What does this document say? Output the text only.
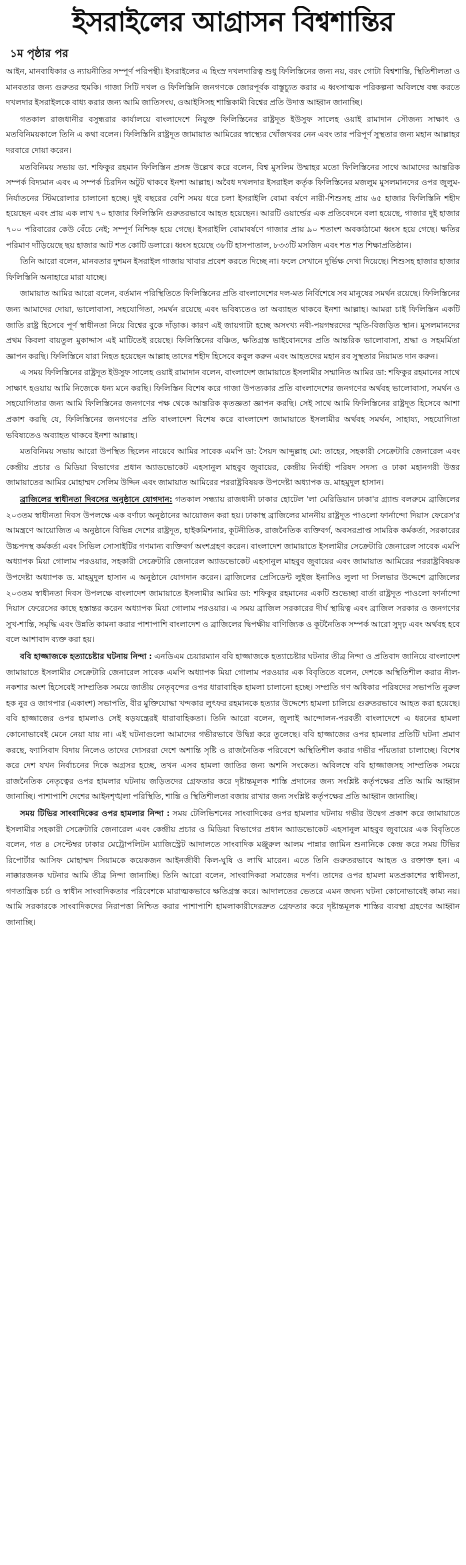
ইসরাইলের আগ্রাসন বিশ্বশান্তির
১ম পৃষ্ঠার পর

আইন, মানবাধিকার ও ন্যায়নীতির সম্পূর্ণ পরিপন্থী। ইসরাইলের এ হিংস্র দখলদারিত্ব শুধু ফিলিস্তিনের জন্য নয়, বরং গোটা বিশ্বশান্তি, স্থিতিশীলতা ও মানবতার জন্য গুরুতর হুমকি। গাজা সিটি দখল ও ফিলিস্তিনি জনগণকে জোরপূর্বক বাস্তুচ্যুত করার এ ধ্বংসাত্মক পরিকল্পনা অবিলম্বে বন্ধ করতে দখলদার ইসরাইলকে বাধ্য করার জন্য আমি জাতিসংঘ, ওআইসিসহ শান্তিকামী বিশ্বের প্রতি উদাত্ত আহ্বান জানাচ্ছি।

গতকাল রাজধানীর বসুন্ধরার কার্যালয়ে বাংলাদেশে নিযুক্ত ফিলিস্তিনের রাষ্ট্রদূত ইউসুফ সালেহ ওয়াই রামাদান সৌজন্য সাক্ষাৎ ও মতবিনিময়কালে তিনি এ কথা বলেন। ফিলিস্তিনি রাষ্ট্রদূত জামায়াত আমিরের স্বাস্থ্যের খোঁজখবর নেন এবং তার পরিপূর্ণ সুস্থতার জন্য মহান আল্লাহর দরবারে দোয়া করেন।

মতবিনিময় সভায় ডা. শফিকুর রহমান ফিলিস্তিন প্রসঙ্গ উল্লেখ করে বলেন, বিশ্ব মুসলিম উম্মাহর মতো ফিলিস্তিনের সাথে আমাদের আন্তরিক সম্পর্ক বিদ্যমান এবং এ সম্পর্ক চিরদিন অটুট থাকবে ইনশা আল্লাহ। অবৈধ দখলদার ইসরাইল কর্তৃক ফিলিস্তিনের মজলুম মুসলমানদের ওপর জুলুম-নির্যাতনের স্টিমরোলার চালানো হচ্ছে। দুই বছরের বেশি সময় ধরে চলা ইসরাইলি বোমা বর্ষণে নারী-শিশুসহ প্রায় ৬৫ হাজার ফিলিস্তিনি শহীদ হয়েছেন এবং প্রায় এক লাখ ৭০ হাজার ফিলিস্তিনি গুরুতরভাবে আহত হয়েছেন। আরটি ওয়ার্ল্ডের এক প্রতিবেদনে বলা হয়েছে, গাজার দুই হাজার ৭০০ পরিবারের কেউ বেঁচে নেই; সম্পূর্ণ নিশ্চিহ্ন হয়ে গেছে। ইসরাইলি বোমাবর্ষণে গাজার প্রায় ৯০ শতাংশ অবকাঠামো ধ্বংস হয়ে গেছে। ক্ষতির পরিমাণ দাঁড়িয়েছে ছয় হাজার আট শত কোটি ডলারে। ধ্বংস হয়েছে ৩৮টি হাসপাতাল, ৮৩৩টি মসজিদ এবং শত শত শিক্ষাপ্রতিষ্ঠান।

তিনি আরো বলেন, মানবতার দুশমন ইসরাইল গাজায় খাবার প্রবেশ করতে দিচ্ছে না। ফলে সেখানে দুর্ভিক্ষ দেখা দিয়েছে। শিশুসহ হাজার হাজার ফিলিস্তিনি অনাহারে মারা যাচ্ছে।

জামায়াত আমির আরো বলেন, বর্তমান পরিস্থিতিতে ফিলিস্তিনের প্রতি বাংলাদেশের দল-মত নির্বিশেষে সব মানুষের সমর্থন রয়েছে। ফিলিস্তিনের জন্য আমাদের দোয়া, ভালোবাসা, সহযোগিতা, সমর্থন রয়েছে এবং ভবিষ্যতেও তা অব্যাহত থাকবে ইনশা আল্লাহ। আমরা চাই ফিলিস্তিন একটি জাতি রাষ্ট্র হিসেবে পূর্ণ স্বাধীনতা নিয়ে বিশ্বের বুকে দাঁড়াক। কারণ এই জায়গাটা হচ্ছে অসংখ্য নবী-পয়গম্বরদের স্মৃতি-বিজড়িত স্থান। মুসলমানদের প্রথম কিবলা বায়তুল মুকাদ্দাস এই মাটিতেই রয়েছে। ফিলিস্তিনের বঞ্চিত, ক্ষতিগ্রস্ত ভাইবোনদের প্রতি আন্তরিক ভালোবাসা, শ্রদ্ধা ও সহমর্মিতা জ্ঞাপন করছি। ফিলিস্তিনে যারা নিহত হয়েছেন আল্লাহ তাদের শহীদ হিসেবে কবুল করুন এবং আহতদের মহান রব সুস্থতার নিয়ামত দান করুন।

এ সময় ফিলিস্তিনের রাষ্ট্রদূত ইউসুফ সালেহ ওয়াই রামাদান বলেন, বাংলাদেশ জামায়াতে ইসলামীর সম্মানিত আমির ডা: শফিকুর রহমানের সাথে সাক্ষাৎ হওয়ায় আমি নিজেকে ধন্য মনে করছি। ফিলিস্তিন বিশেষ করে গাজা উপত্যকার প্রতি বাংলাদেশের জনগণের অর্থবহ ভালোবাসা, সমর্থন ও সহযোগিতার জন্য আমি ফিলিস্তিনের জনগণের পক্ষ থেকে আন্তরিক কৃতজ্ঞতা জ্ঞাপন করছি। সেই সাথে আমি ফিলিস্তিনের রাষ্ট্রদূত হিসেবে আশা প্রকাশ করছি যে, ফিলিস্তিনের জনগণের প্রতি বাংলাদেশ বিশেষ করে বাংলাদেশ জামায়াতে ইসলামীর অর্থবহ সমর্থন, সাহায্য, সহযোগিতা ভবিষ্যতেও অব্যাহত থাকবে ইনশা আল্লাহ।

মতবিনিময় সভায় আরো উপস্থিত ছিলেন নায়েবে আমির সাবেক এমপি ডা: সৈয়দ আব্দুল্লাহ মো: তাহের, সহকারী সেক্রেটারি জেনারেল এবং কেন্দ্রীয় প্রচার ও মিডিয়া বিভাগের প্রধান অ্যাডভোকেট এহসানুল মাহবুব জুবায়ের, কেন্দ্রীয় নির্বাহী পরিষদ সদস্য ও ঢাকা মহানগরী উত্তর জামায়াতের আমির মোহাম্মদ সেলিম উদ্দিন এবং জামায়াত আমিরের পররাষ্ট্রবিষয়ক উপদেষ্টা অধ্যাপক ড. মাহমুদুল হাসান।

ব্রাজিলের স্বাধীনতা দিবসের অনুষ্ঠানে যোগদান: গতকাল সন্ধ্যায় রাজধানী ঢাকার হোটেল 'লা মেরিডিয়ান ঢাকা'র গ্র্যান্ড বলরুমে ব্রাজিলের ২০৩তম স্বাধীনতা দিবস উপলক্ষে এক বর্ণাঢ্য অনুষ্ঠানের আয়োজন করা হয়। ঢাকাস্থ ব্রাজিলের মাননীয় রাষ্ট্রদূত পাওলো ফার্নান্দো দিয়াস ফেরেস'র আমন্ত্রণে আয়োজিত এ অনুষ্ঠানে বিভিন্ন দেশের রাষ্ট্রদূত, হাইকমিশনার, কূটনীতিক, রাজনৈতিক ব্যক্তিবর্গ, অবসরপ্রাপ্ত সামরিক কর্মকর্তা, সরকারের উচ্চপদস্থ কর্মকর্তা এবং সিভিল সোসাইটির গণমান্য ব্যক্তিবর্গ অংশগ্রহণ করেন। বাংলাদেশ জামায়াতে ইসলামীর সেক্রেটারি জেনারেল সাবেক এমপি অধ্যাপক মিয়া গোলাম পরওয়ার, সহকারী সেক্রেটারি জেনারেল অ্যাডভোকেট এহসানুল মাহবুব জুবায়ের এবং জামায়াত আমিরের পররাষ্ট্রবিষয়ক উপদেষ্টা অধ্যাপক ড. মাহমুদুল হাসান এ অনুষ্ঠানে যোগদান করেন। ব্রাজিলের প্রেসিডেন্ট লুইজ ইনাসিও লুলা দা সিলভার উদ্দেশে ব্রাজিলের ২০৩তম স্বাধীনতা দিবস উপলক্ষে বাংলাদেশ জামায়াতে ইসলামীর আমির ডা: শফিকুর রহমানের একটি শুভেচ্ছা বার্তা রাষ্ট্রদূত পাওলো ফার্নান্দো দিয়াস ফেরেসের কাছে হস্তান্তর করেন অধ্যাপক মিয়া গোলাম পরওয়ার। এ সময় ব্রাজিল সরকারের দীর্ঘ স্থায়িত্ব এবং ব্রাজিল সরকার ও জনগণের সুখ-শান্তি, সমৃদ্ধি এবং উন্নতি কামনা করার পাশাপাশি বাংলাদেশ ও ব্রাজিলের দ্বিপক্ষীয় বাণিজ্যিক ও কূটনৈতিক সম্পর্ক আরো সুদৃঢ় এবং অর্থবহ হবে বলে আশাবাদ ব্যক্ত করা হয়।

ববি হাজ্জাজকে হত্যাচেষ্টার ঘটনায় নিন্দা : এনডিএম চেয়ারম্যান ববি হাজ্জাজকে হত্যাচেষ্টার ঘটনার তীব্র নিন্দা ও প্রতিবাদ জানিয়ে বাংলাদেশ জামায়াতে ইসলামীর সেক্রেটারি জেনারেল সাবেক এমপি অধ্যাপক মিয়া গোলাম পরওয়ার এক বিবৃতিতে বলেন, দেশকে অস্থিতিশীল করার নীল-নকশার অংশ হিসেবেই সাম্প্রতিক সময়ে জাতীয় নেতৃবৃন্দের ওপর ধারাবাহিক হামলা চালানো হচ্ছে। সম্প্রতি গণ অধিকার পরিষদের সভাপতি নুরুল হক নুর ও জাগপার (একাংশ) সভাপতি, বীর মুক্তিযোদ্ধা খন্দকার লুৎফর রহমানকে হত্যার উদ্দেশ্যে হামলা চালিয়ে গুরুতরভাবে আহত করা হয়েছে। ববি হাজ্জাজের ওপর হামলাও সেই ষড়যন্ত্রেরই ধারাবাহিকতা। তিনি আরো বলেন, জুলাই আন্দোলন-পরবর্তী বাংলাদেশে এ ধরনের হামলা কোনোভাবেই মেনে নেয়া যায় না। এই ঘটনাগুলো আমাদের গভীরভাবে উদ্বিগ্ন করে তুলেছে। ববি হাজ্জাজের ওপর হামলার প্রতিটি ঘটনা প্রমাণ করছে, ফ্যাসিবাদ বিদায় নিলেও তাদের দোসররা দেশে অশান্তি সৃষ্টি ও রাজনৈতিক পরিবেশে অস্থিতিশীল করার গভীর পাঁয়তারা চালাচ্ছে। বিশেষ করে দেশ যখন নির্বাচনের দিকে অগ্রসর হচ্ছে, তখন এসব হামলা জাতির জন্য অশনি সংকেত। অবিলম্বে ববি হাজ্জাজসহ সাম্প্রতিক সময়ে রাজনৈতিক নেতৃত্বের ওপর হামলার ঘটনায় জড়িতদের গ্রেফতার করে দৃষ্টান্তমূলক শাস্তি প্রদানের জন্য সংশ্লিষ্ট কর্তৃপক্ষের প্রতি আমি আহ্বান জানাচ্ছি। পাশাপাশি দেশের আইনশৃঙ্খলা পরিস্থিতি, শান্তি ও স্থিতিশীলতা বজায় রাখার জন্য সংশ্লিষ্ট কর্তৃপক্ষের প্রতি আহ্বান জানাচ্ছি।

সময় টিভির সাংবাদিকের ওপর হামলার নিন্দা : সময় টেলিভিশনের সাংবাদিকের ওপর হামলার ঘটনায় গভীর উদ্বেগ প্রকাশ করে জামায়াতে ইসলামীর সহকারী সেক্রেটারি জেনারেল এবং কেন্দ্রীয় প্রচার ও মিডিয়া বিভাগের প্রধান অ্যাডভোকেট এহসানুল মাহবুব জুবায়ের এক বিবৃতিতে বলেন, গত ৪ সেপ্টেম্বর ঢাকার মেট্রোপলিটন ম্যাজিস্ট্রেট আদালতে সাংবাদিক মঞ্জুরুল আলম পান্নার জামিন শুনানিকে কেন্দ্র করে সময় টিভির রিপোর্টার আসিফ মোহাম্মদ সিয়ামকে কয়েকজন আইনজীবী কিল-ঘুষি ও লাথি মারেন। এতে তিনি গুরুতরভাবে আহত ও রক্তাক্ত হন। এ নাক্কারজনক ঘটনার আমি তীব্র নিন্দা জানাচ্ছি। তিনি আরো বলেন, সাংবাদিকরা সমাজের দর্পণ। তাদের ওপর হামলা মতপ্রকাশের স্বাধীনতা, গণতান্ত্রিক চর্চা ও স্বাধীন সাংবাদিকতার পরিবেশকে মারাত্মকভাবে ক্ষতিগ্রস্ত করে। আদালতের ভেতরে এমন জঘন্য ঘটনা কোনোভাবেই কাম্য নয়। আমি সরকারকে সাংবাদিকদের নিরাপত্তা নিশ্চিত করার পাশাপাশি হামলাকারীদেরদ্রুত গ্রেফতার করে দৃষ্টান্তমূলক শাস্তির ব্যবস্থা গ্রহণের আহ্বান জানাচ্ছি।
